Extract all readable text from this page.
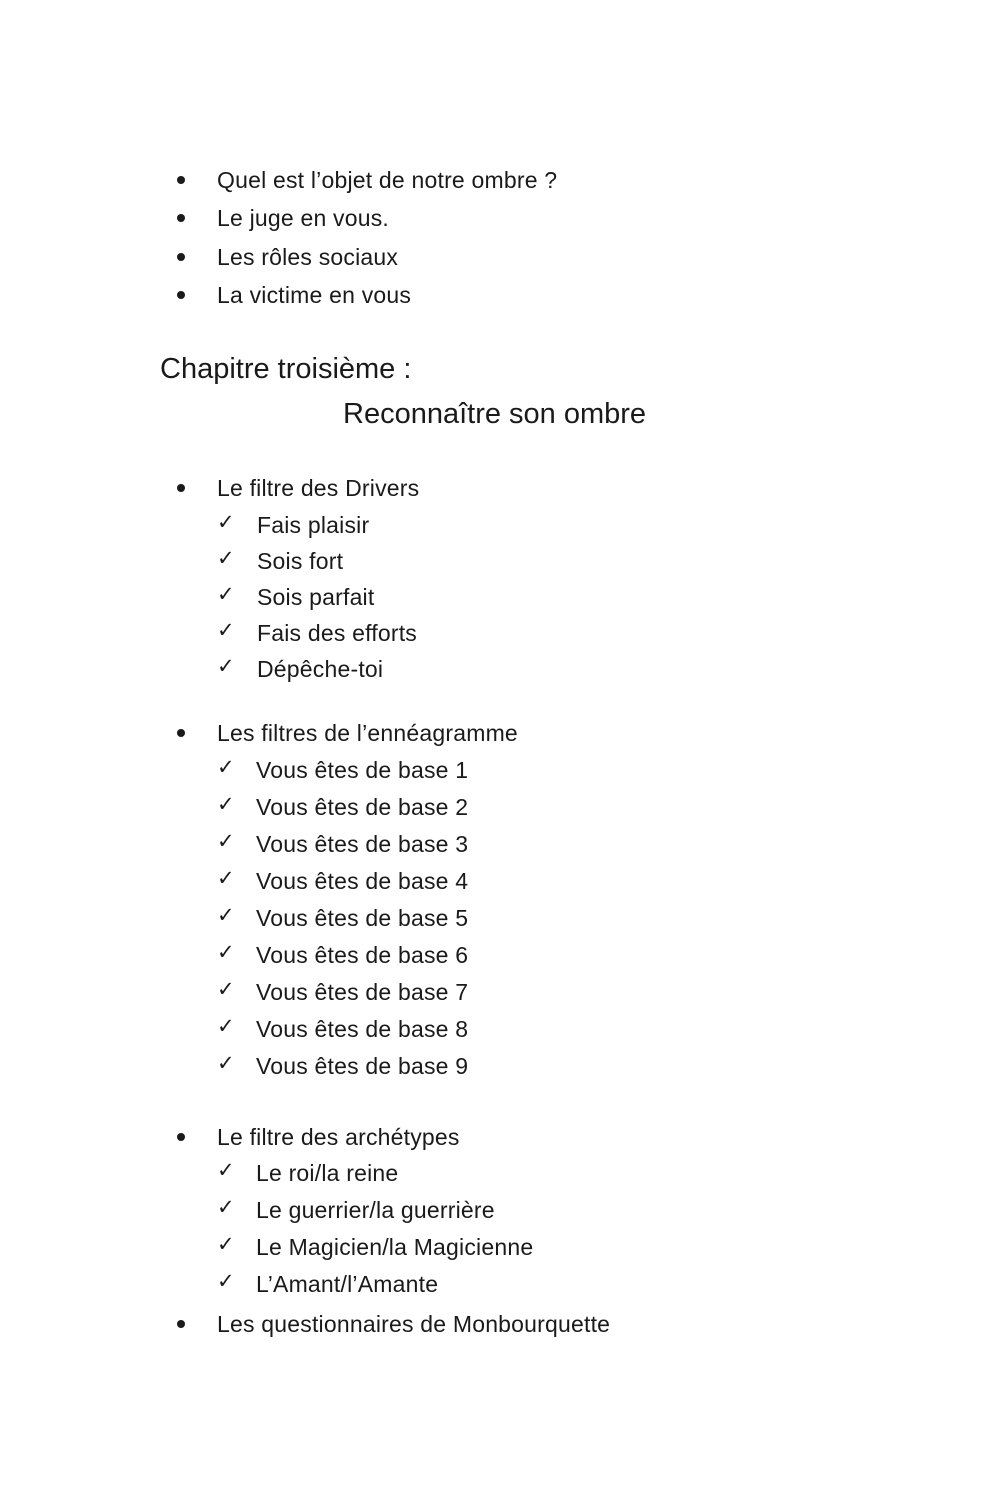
Quel est l’objet de notre ombre ?
Le juge en vous.
Les rôles sociaux
La victime en vous
Chapitre troisième :
Reconnaître son ombre
Le filtre des Drivers
✓ Fais plaisir
✓ Sois fort
✓ Sois parfait
✓ Fais des efforts
✓ Dépêche-toi
Les filtres de l’ennéagramme
✓ Vous êtes de base 1
✓ Vous êtes de base 2
✓ Vous êtes de base 3
✓ Vous êtes de base 4
✓ Vous êtes de base 5
✓ Vous êtes de base 6
✓ Vous êtes de base 7
✓ Vous êtes de base 8
✓ Vous êtes de base 9
Le filtre des archétypes
✓ Le roi/la reine
✓ Le guerrier/la guerrière
✓ Le Magicien/la Magicienne
✓ L’Amant/l’Amante
Les questionnaires de Monbourquette
